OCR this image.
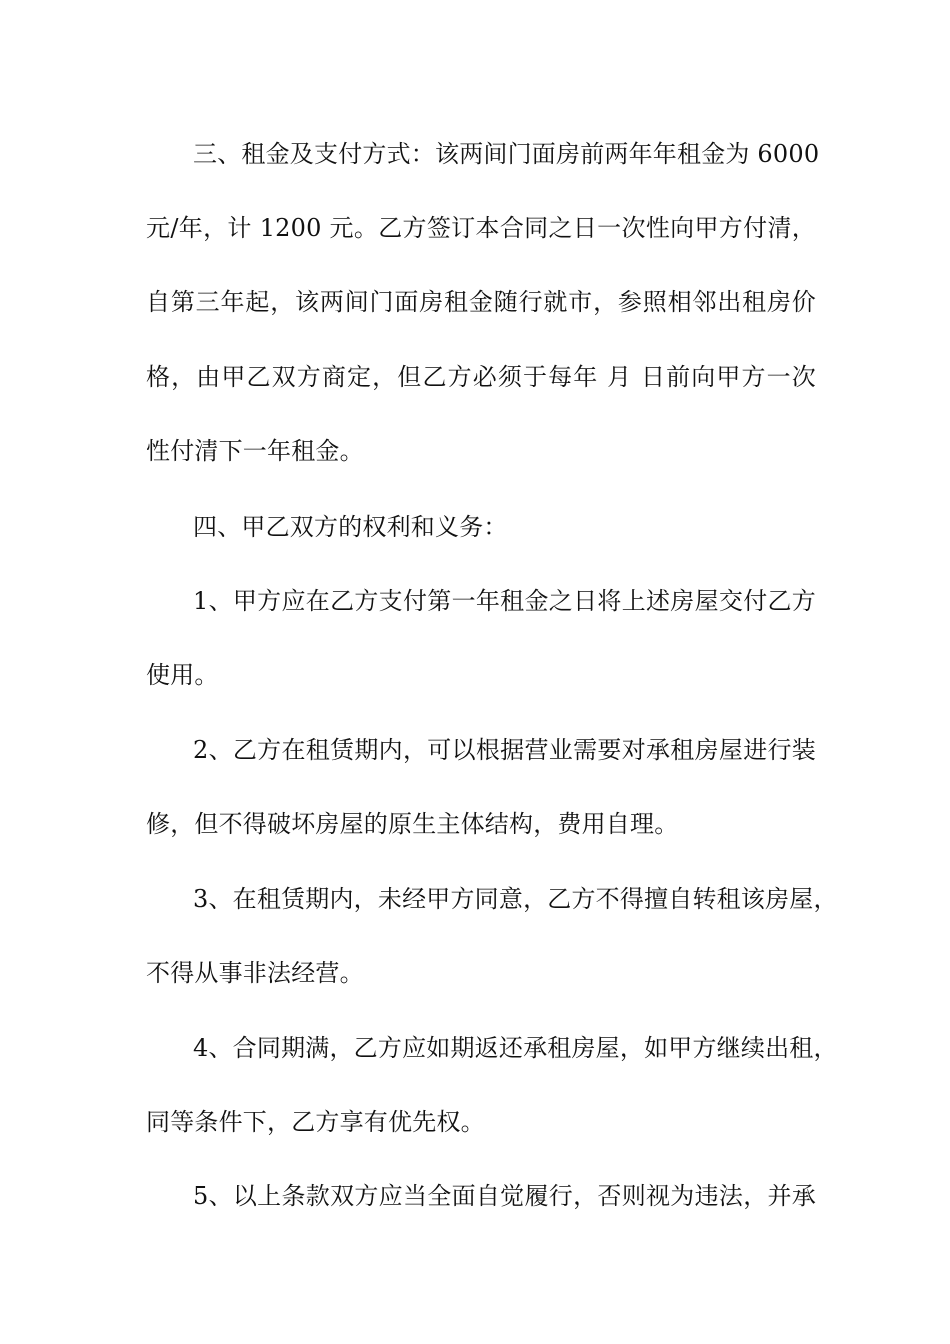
三、租金及支付方式：该两间门面房前两年年租金为 6000
元/年，计 1200 元。乙方签订本合同之日一次性向甲方付清，
自第三年起，该两间门面房租金随行就市，参照相邻出租房价
格，由甲乙双方商定，但乙方必须于每年 月 日前向甲方一次
性付清下一年租金。
四、甲乙双方的权利和义务：
1、甲方应在乙方支付第一年租金之日将上述房屋交付乙方
使用。
2、乙方在租赁期内，可以根据营业需要对承租房屋进行装
修，但不得破坏房屋的原生主体结构，费用自理。
3、在租赁期内，未经甲方同意，乙方不得擅自转租该房屋，
不得从事非法经营。
4、合同期满，乙方应如期返还承租房屋，如甲方继续出租，
同等条件下，乙方享有优先权。
5、以上条款双方应当全面自觉履行，否则视为违法，并承
